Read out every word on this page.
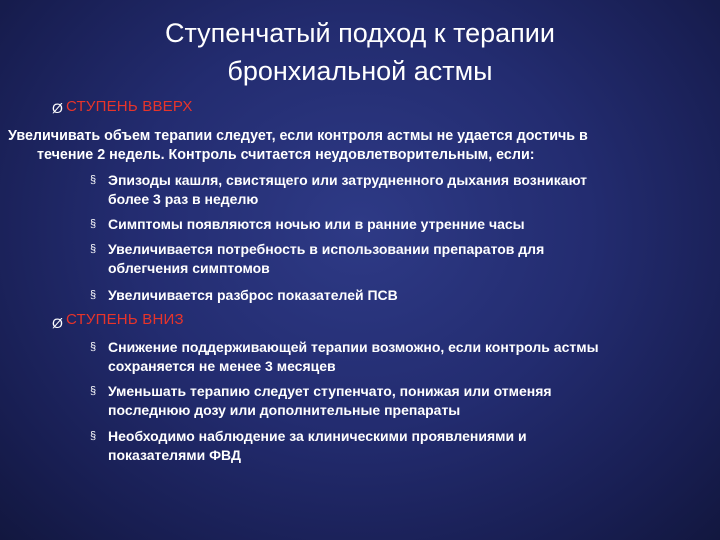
Ступенчатый подход к терапии
бронхиальной астмы
Ø СТУПЕНЬ ВВЕРХ
Увеличивать объем терапии следует, если контроля астмы не удается достичь в
течение 2 недель. Контроль считается неудовлетворительным, если:
§ Эпизоды кашля, свистящего или затрудненного дыхания возникают
более 3 раз в неделю
§ Симптомы появляются ночью или в ранние утренние часы
§ Увеличивается потребность в использовании препаратов для
облегчения симптомов
§ Увеличивается разброс показателей ПСВ
Ø СТУПЕНЬ ВНИЗ
§ Снижение поддерживающей терапии возможно, если контроль астмы
сохраняется не менее 3 месяцев
§ Уменьшать терапию следует ступенчато, понижая или отменяя
последнюю дозу или дополнительные препараты
§ Необходимо наблюдение за клиническими проявлениями и
показателями ФВД
